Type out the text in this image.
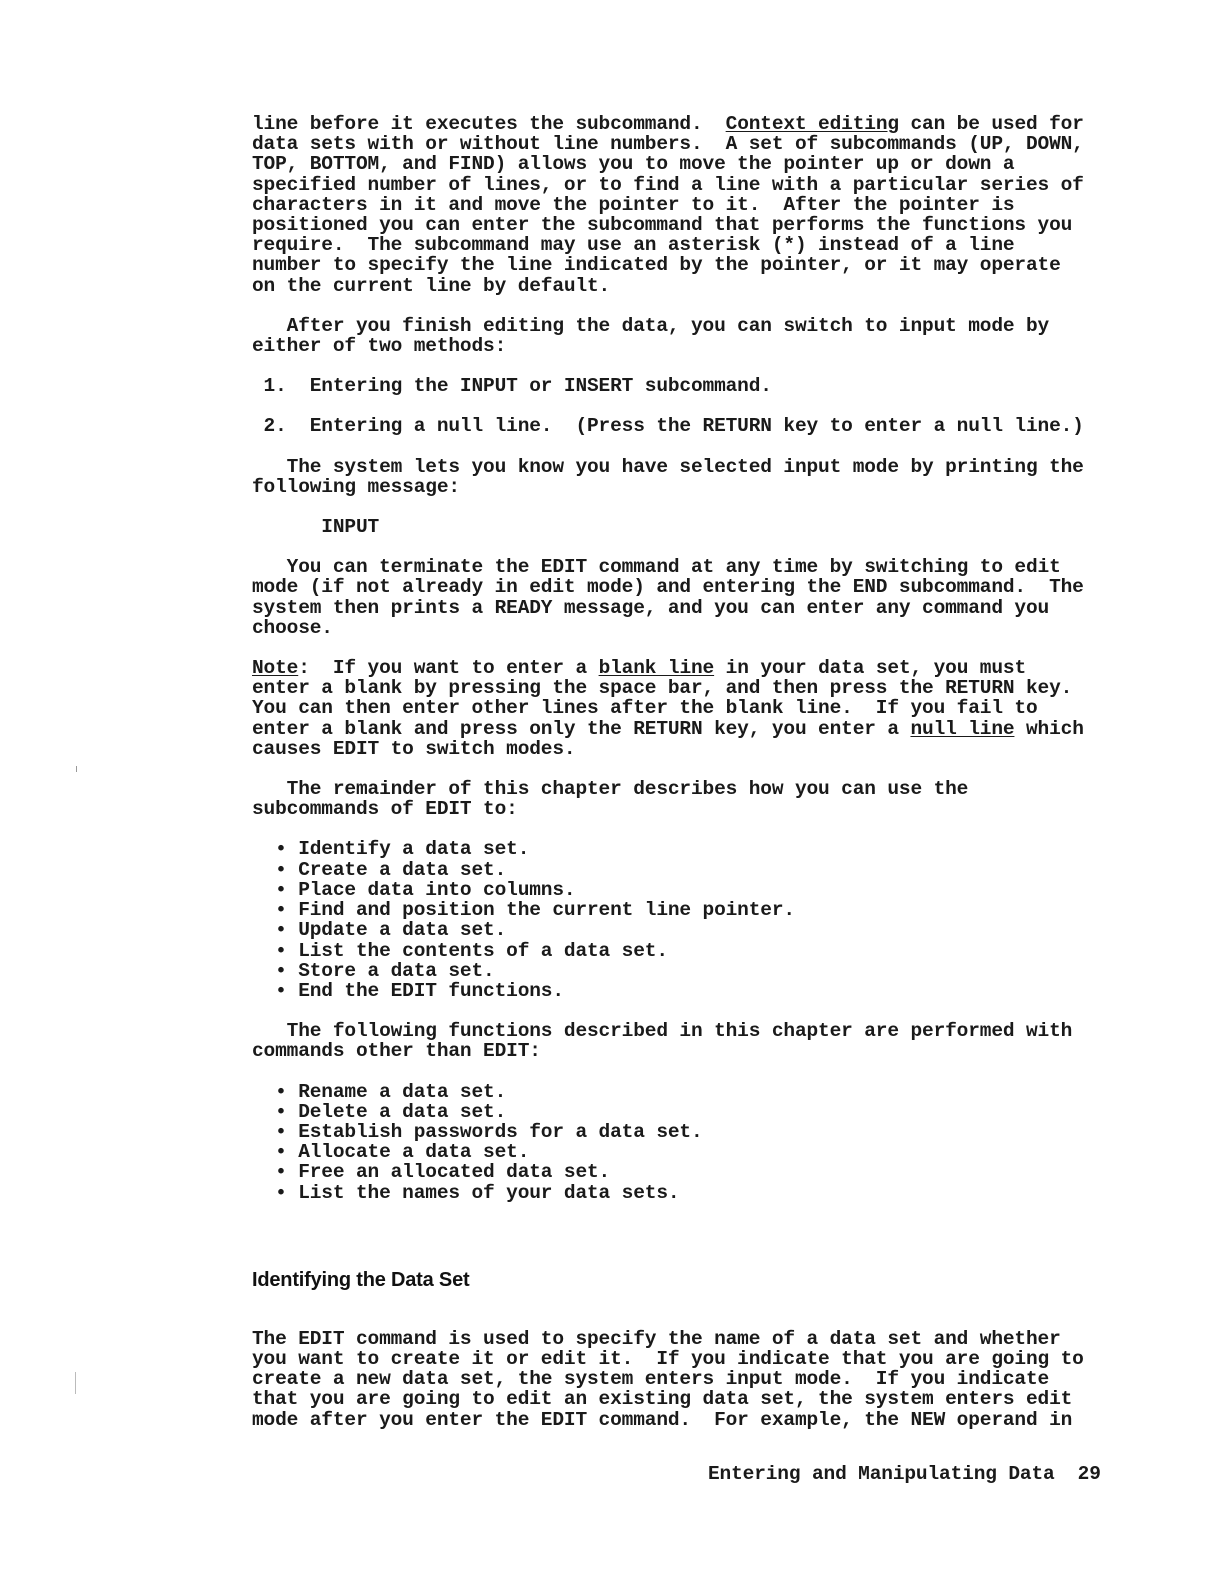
line before it executes the subcommand.  Context editing can be used for
data sets with or without line numbers.  A set of subcommands (UP, DOWN,
TOP, BOTTOM, and FIND) allows you to move the pointer up or down a
specified number of lines, or to find a line with a particular series of
characters in it and move the pointer to it.  After the pointer is
positioned you can enter the subcommand that performs the functions you
require.  The subcommand may use an asterisk (*) instead of a line
number to specify the line indicated by the pointer, or it may operate
on the current line by default.
After you finish editing the data, you can switch to input mode by
either of two methods:
1.  Entering the INPUT or INSERT subcommand.
2.  Entering a null line.  (Press the RETURN key to enter a null line.)
The system lets you know you have selected input mode by printing the
following message:
INPUT
You can terminate the EDIT command at any time by switching to edit
mode (if not already in edit mode) and entering the END subcommand.  The
system then prints a READY message, and you can enter any command you
choose.
Note:  If you want to enter a blank line in your data set, you must
enter a blank by pressing the space bar, and then press the RETURN key.
You can then enter other lines after the blank line.  If you fail to
enter a blank and press only the RETURN key, you enter a null line which
causes EDIT to switch modes.
The remainder of this chapter describes how you can use the
subcommands of EDIT to:
• Identify a data set.
• Create a data set.
• Place data into columns.
• Find and position the current line pointer.
• Update a data set.
• List the contents of a data set.
• Store a data set.
• End the EDIT functions.
The following functions described in this chapter are performed with
commands other than EDIT:
• Rename a data set.
• Delete a data set.
• Establish passwords for a data set.
• Allocate a data set.
• Free an allocated data set.
• List the names of your data sets.
Identifying the Data Set
The EDIT command is used to specify the name of a data set and whether
you want to create it or edit it.  If you indicate that you are going to
create a new data set, the system enters input mode.  If you indicate
that you are going to edit an existing data set, the system enters edit
mode after you enter the EDIT command.  For example, the NEW operand in
Entering and Manipulating Data 29
